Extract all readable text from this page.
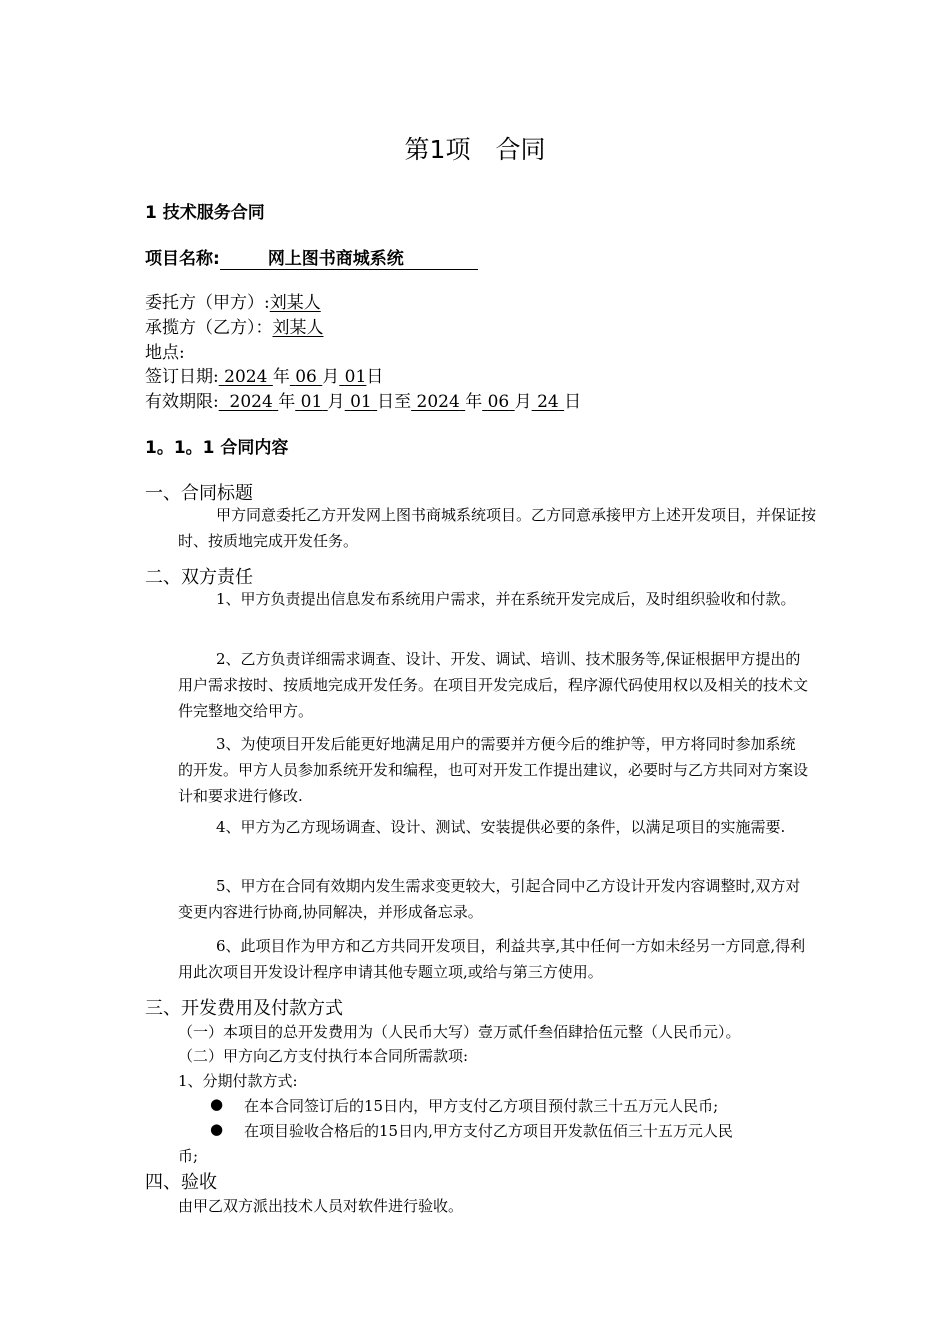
第1项　合同
1 技术服务合同
项目名称:	网上图书商城系统
委托方（甲方）:刘某人
承揽方（乙方）：刘某人
地点:
签订日期: 2024 年 06 月 01日
有效期限: 2024 年 01 月 01 日至 2024 年 06 月 24 日
1。1。1 合同内容
一、合同标题
甲方同意委托乙方开发网上图书商城系统项目。乙方同意承接甲方上述开发项目，并保证按时、按质地完成开发任务。
二、双方责任
1、甲方负责提出信息发布系统用户需求，并在系统开发完成后，及时组织验收和付款。
2、乙方负责详细需求调查、设计、开发、调试、培训、技术服务等,保证根据甲方提出的用户需求按时、按质地完成开发任务。在项目开发完成后，程序源代码使用权以及相关的技术文件完整地交给甲方。
3、为使项目开发后能更好地满足用户的需要并方便今后的维护等，甲方将同时参加系统的开发。甲方人员参加系统开发和编程，也可对开发工作提出建议，必要时与乙方共同对方案设计和要求进行修改.
4、甲方为乙方现场调查、设计、测试、安装提供必要的条件，以满足项目的实施需要.
5、甲方在合同有效期内发生需求变更较大，引起合同中乙方设计开发内容调整时,双方对变更内容进行协商,协同解决，并形成备忘录。
6、此项目作为甲方和乙方共同开发项目，利益共享,其中任何一方如未经另一方同意,得利用此次项目开发设计程序申请其他专题立项,或给与第三方使用。
三、开发费用及付款方式
（一）本项目的总开发费用为（人民币大写）壹万贰仟叁佰肆拾伍元整（人民币元）。
（二）甲方向乙方支付执行本合同所需款项:
1、分期付款方式:
● 在本合同签订后的15日内，甲方支付乙方项目预付款三十五万元人民币;
● 在项目验收合格后的15日内,甲方支付乙方项目开发款伍佰三十五万元人民
币;
四、验收
由甲乙双方派出技术人员对软件进行验收。
